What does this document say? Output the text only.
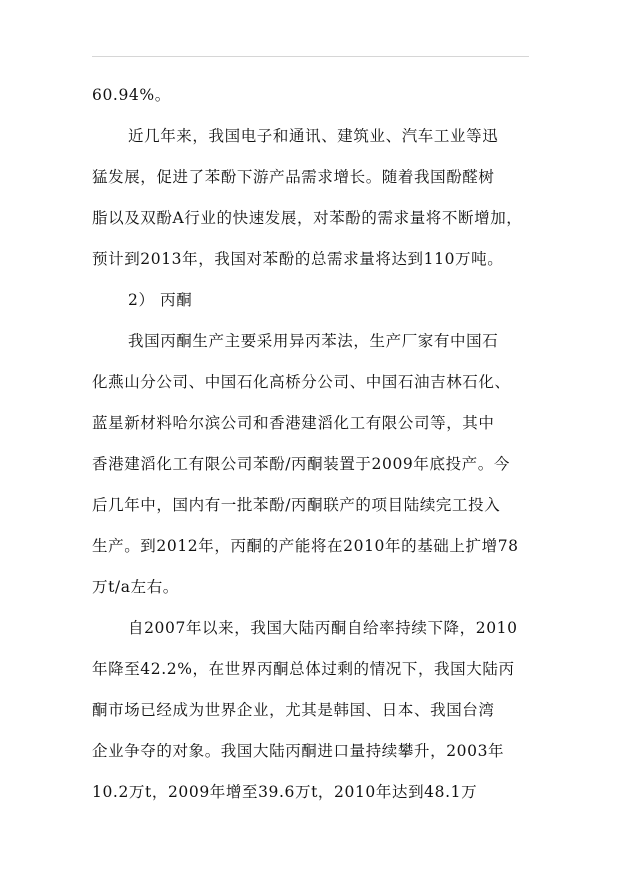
60.94%。
近几年来，我国电子和通讯、建筑业、汽车工业等迅
猛发展，促进了苯酚下游产品需求增长。随着我国酚醛树
脂以及双酚A行业的快速发展，对苯酚的需求量将不断增加，
预计到2013年，我国对苯酚的总需求量将达到110万吨。
2） 丙酮
我国丙酮生产主要采用异丙苯法，生产厂家有中国石
化燕山分公司、中国石化高桥分公司、中国石油吉林石化、
蓝星新材料哈尔滨公司和香港建滔化工有限公司等，其中
香港建滔化工有限公司苯酚/丙酮装置于2009年底投产。今
后几年中，国内有一批苯酚/丙酮联产的项目陆续完工投入
生产。到2012年，丙酮的产能将在2010年的基础上扩增78
万t/a左右。
自2007年以来，我国大陆丙酮自给率持续下降，2010
年降至42.2%，在世界丙酮总体过剩的情况下，我国大陆丙
酮市场已经成为世界企业，尤其是韩国、日本、我国台湾
企业争夺的对象。我国大陆丙酮进口量持续攀升，2003年
10.2万t，2009年增至39.6万t，2010年达到48.1万
